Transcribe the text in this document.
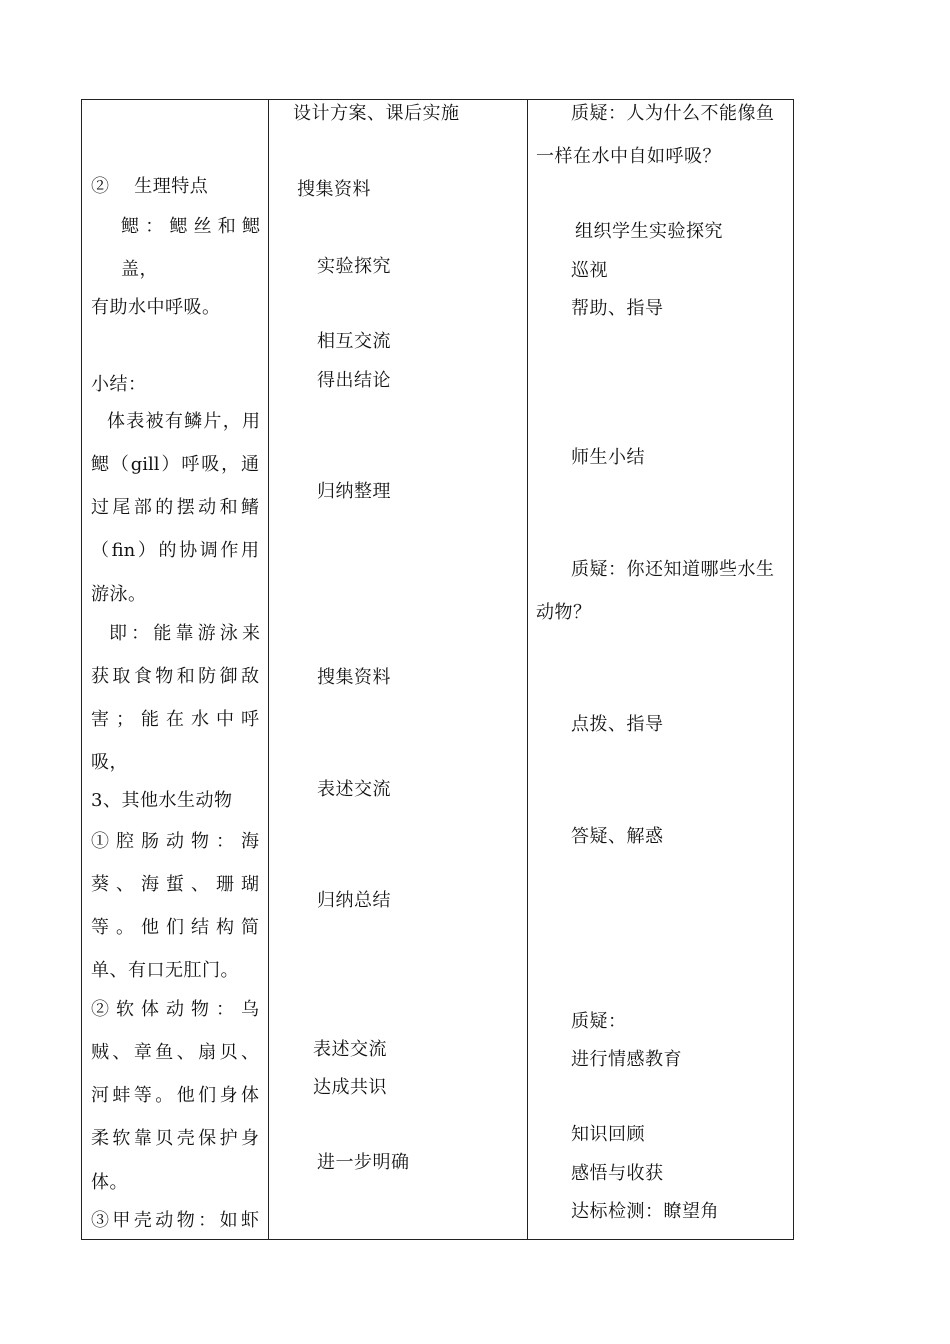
②　 生理特点
鳃：鳃丝和鳃
盖，
有助水中呼吸。
小结：
体表被有鳞片，用
鳃（gill）呼吸，通
过尾部的摆动和鳍
（fin）的协调作用
游泳。
即：能靠游泳来
获取食物和防御敌
害；能在水中呼
吸，
3、其他水生动物
①腔肠动物：海
葵、海蜇、珊瑚
等。他们结构简
单、有口无肛门。
②软体动物：乌
贼、章鱼、扇贝、
河蚌等。他们身体
柔软靠贝壳保护身
体。
③甲壳动物：如虾
设计方案、课后实施
搜集资料
实验探究
相互交流
得出结论
归纳整理
搜集资料
表述交流
归纳总结
表述交流
达成共识
进一步明确
质疑：人为什么不能像鱼
一样在水中自如呼吸？
组织学生实验探究
巡视
帮助、指导
师生小结
质疑：你还知道哪些水生
动物？
点拨、指导
答疑、解惑
质疑：
进行情感教育
知识回顾
感悟与收获
达标检测：瞭望角
